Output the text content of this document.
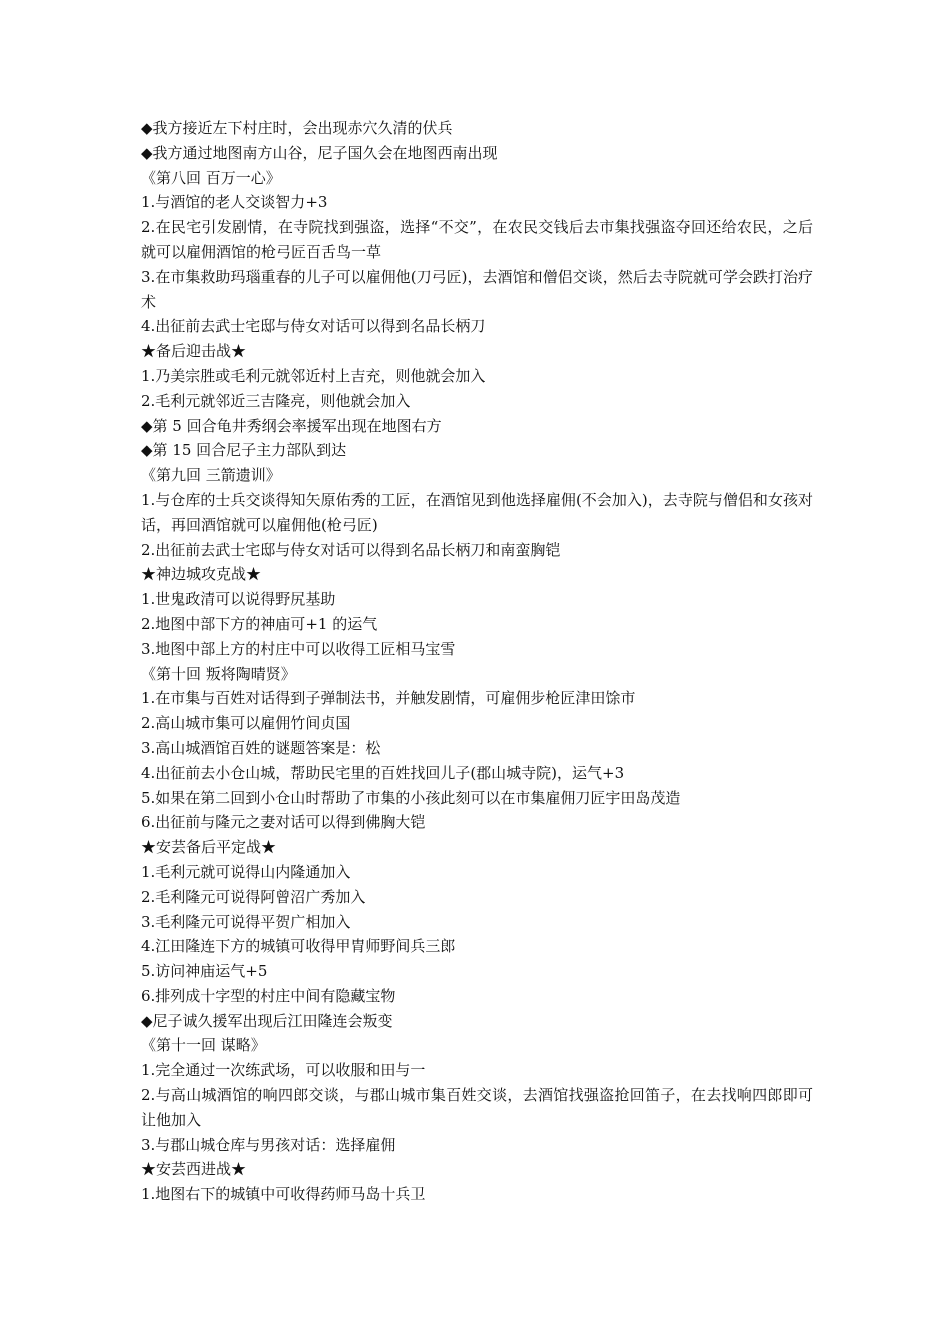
◆我方接近左下村庄时，会出现赤穴久清的伏兵

◆我方通过地图南方山谷，尼子国久会在地图西南出现

《第八回 百万一心》

1.与酒馆的老人交谈智力+3

2.在民宅引发剧情，在寺院找到强盗，选择“不交”，在农民交钱后去市集找强盗夺回还给农民，之后就可以雇佣酒馆的枪弓匠百舌鸟一草

3.在市集救助玛瑙重春的儿子可以雇佣他(刀弓匠)，去酒馆和僧侣交谈，然后去寺院就可学会跌打治疗术

4.出征前去武士宅邸与侍女对话可以得到名品长柄刀

★备后迎击战★

1.乃美宗胜或毛利元就邻近村上吉充，则他就会加入

2.毛利元就邻近三吉隆亮，则他就会加入

◆第 5 回合龟井秀纲会率援军出现在地图右方

◆第 15 回合尼子主力部队到达

《第九回 三箭遗训》

1.与仓库的士兵交谈得知矢原佑秀的工匠，在酒馆见到他选择雇佣(不会加入)，去寺院与僧侣和女孩对话，再回酒馆就可以雇佣他(枪弓匠)

2.出征前去武士宅邸与侍女对话可以得到名品长柄刀和南蛮胸铠

★神边城攻克战★

1.世鬼政清可以说得野尻基助

2.地图中部下方的神庙可+1 的运气

3.地图中部上方的村庄中可以收得工匠相马宝雪

《第十回 叛将陶晴贤》

1.在市集与百姓对话得到子弹制法书，并触发剧情，可雇佣步枪匠津田馀市

2.高山城市集可以雇佣竹间贞国

3.高山城酒馆百姓的谜题答案是：松

4.出征前去小仓山城，帮助民宅里的百姓找回儿子(郡山城寺院)，运气+3

5.如果在第二回到小仓山时帮助了市集的小孩此刻可以在市集雇佣刀匠宇田岛茂造

6.出征前与隆元之妻对话可以得到佛胸大铠

★安芸备后平定战★

1.毛利元就可说得山内隆通加入

2.毛利隆元可说得阿曾沼广秀加入

3.毛利隆元可说得平贺广相加入

4.江田隆连下方的城镇可收得甲胄师野间兵三郎

5.访问神庙运气+5

6.排列成十字型的村庄中间有隐藏宝物

◆尼子诚久援军出现后江田隆连会叛变

《第十一回 谋略》

1.完全通过一次练武场，可以收服和田与一

2.与高山城酒馆的响四郎交谈，与郡山城市集百姓交谈，去酒馆找强盗抢回笛子，在去找响四郎即可让他加入

3.与郡山城仓库与男孩对话：选择雇佣

★安芸西进战★

1.地图右下的城镇中可收得药师马岛十兵卫
